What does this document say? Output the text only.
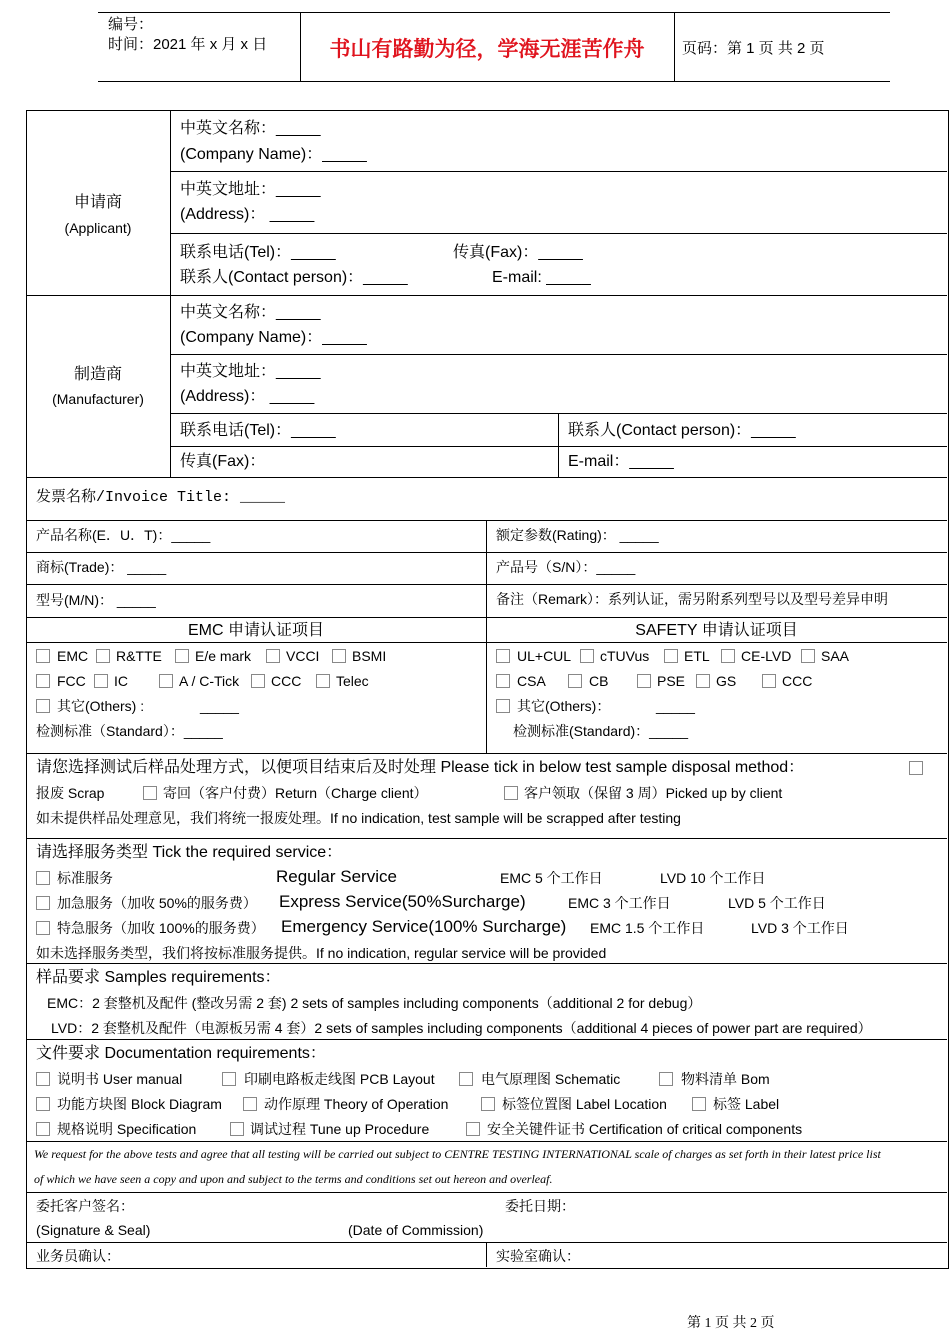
编号：
时间：2021 年 x 月 x 日	书山有路勤为径，学海无涯苦作舟	页码：第 1 页 共 2 页
申请商
(Applicant)
中英文名称：_____
(Company Name)：_____
中英文地址：_____
(Address)： _____
联系电话(Tel)：_____	传真(Fax)：_____
联系人(Contact person)：_____	E-mail: _____
制造商
(Manufacturer)
中英文名称：_____
(Company Name)：_____
中英文地址：_____
(Address)： _____
联系电话(Tel)：_____	联系人(Contact person)：_____
传真(Fax)：	E-mail：_____
发票名称/Invoice Title: _____
产品名称(E．U．T)：_____	额定参数(Rating)： _____
商标(Trade)： _____	产品号（S/N）：_____
型号(M/N)： _____	备注（Remark）：系列认证，需另附系列型号以及型号差异申明
EMC 申请认证项目
EMC R&TTE E/e mark VCCI BSMI
FCC IC	A / C-Tick CCC Telec
其它(Others) :	_____
检测标准（Standard）：_____
SAFETY 申请认证项目
UL+CUL cTUVus ETL CE-LVD SAA
CSA	CB	PSE GS	CCC
其它(Others)：	_____
检测标准(Standard)：_____
请您选择测试后样品处理方式，以便项目结束后及时处理 Please tick in below test sample disposal method：
报废 Scrap	寄回（客户付费）Return（Charge client）	客户领取（保留 3 周）Picked up by client
如未提供样品处理意见，我们将统一报废处理。If no indication, test sample will be scrapped after testing
请选择服务类型 Tick the required service：
标准服务	Regular Service	EMC 5 个工作日	LVD 10 个工作日
加急服务（加收 50%的服务费） Express Service(50%Surcharge)	EMC 3 个工作日	LVD 5 个工作日
特急服务（加收 100%的服务费） Emergency Service(100% Surcharge) EMC 1.5 个工作日	LVD 3 个工作日
如未选择服务类型，我们将按标准服务提供。If no indication, regular service will be provided
样品要求 Samples requirements：
EMC：2 套整机及配件 (整改另需 2 套) 2 sets of samples including components（additional 2 for debug）
LVD：2 套整机及配件（电源板另需 4 套）2 sets of samples including components（additional 4 pieces of power part are required）
文件要求 Documentation requirements：
说明书 User manual	印刷电路板走线图 PCB Layout	电气原理图 Schematic	物料清单 Bom
功能方块图 Block Diagram	动作原理 Theory of Operation	标签位置图 Label Location	标签 Label
规格说明 Specification	调试过程 Tune up Procedure	安全关键件证书 Certification of critical components
We request for the above tests and agree that all testing will be carried out subject to CENTRE TESTING INTERNATIONAL scale of charges as set forth in their latest price list
of which we have seen a copy and upon and subject to the terms and conditions set out hereon and overleaf.
委托客户签名：	委托日期：
(Signature & Seal)	(Date of Commission)
业务员确认：	实验室确认：
第 1 页 共 2 页
